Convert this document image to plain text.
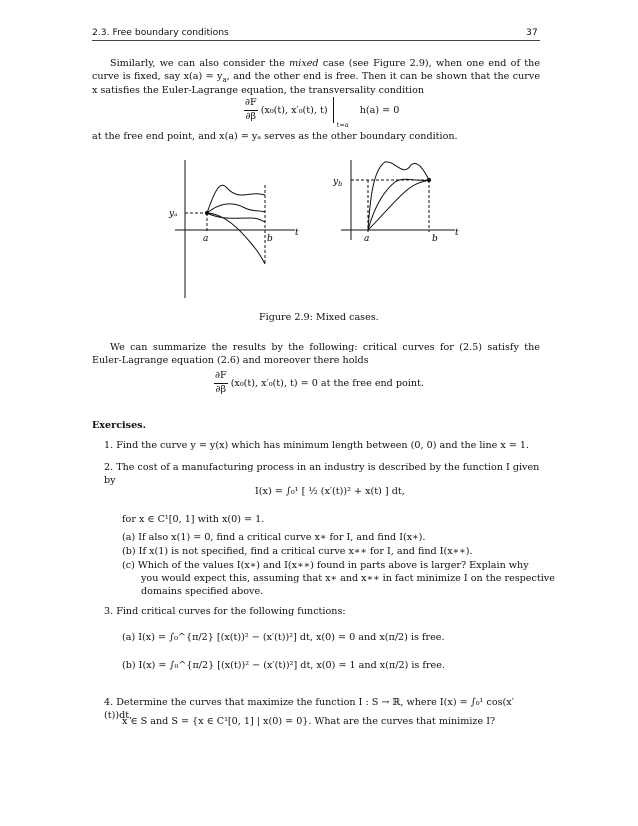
2.3. Free boundary conditions	37
Similarly, we can also consider the mixed case (see Figure 2.9), when one end of the curve is fixed, say $x(a) = y_a$, and the other end is free. Then it can be shown that the curve x satisfies the Euler-Lagrange equation, the transversality condition
$\frac{\partial F}{\partial\beta} (x_0(t)$, x′₀(t), t)  $_{t=a}$ h(a) = 0
at the free end point, and x(a) = yₐ serves as the other boundary condition.
yₐ
a	b
t
$y_b$
a	b
t
Figure 2.9: Mixed cases.
We can summarize the results by the following: critical curves for (2.5) satisfy the Euler-Lagrange equation (2.6) and moreover there holds
$\frac{\partial F}{\partial\beta} (x_0(t)$, x′₀(t), t) = 0 at the free end point.
Exercises.
1. Find the curve y = y(x) which has minimum length between (0, 0) and the line x = 1.
2. The cost of a manufacturing process in an industry is described by the function I given by
I(x) = ∫₀¹ [ ½ (x′(t))² + x(t) ] dt,
for x ∈ C¹[0, 1] with x(0) = 1.
(a) If also x(1) = 0, find a critical curve x∗ for I, and find I(x∗).
(b) If x(1) is not specified, find a critical curve x∗∗ for I, and find I(x∗∗).
(c) Which of the values I(x∗) and I(x∗∗) found in parts above is larger? Explain why
you would expect this, assuming that x∗ and x∗∗ in fact minimize I on the respective
domains specified above.
3. Find critical curves for the following functions:
(a) I(x) = ∫₀^{π/2} [(x(t))² − (x′(t))²] dt, x(0) = 0 and x(π/2) is free.
(b) I(x) = ∫₀^{π/2} [(x(t))² − (x′(t))²] dt, x(0) = 1 and x(π/2) is free.
4. Determine the curves that maximize the function I : S → ℝ, where I(x) = ∫₀¹ cos(x′(t))dt,
x ∈ S and S = {x ∈ C¹[0, 1] | x(0) = 0}. What are the curves that minimize I?
